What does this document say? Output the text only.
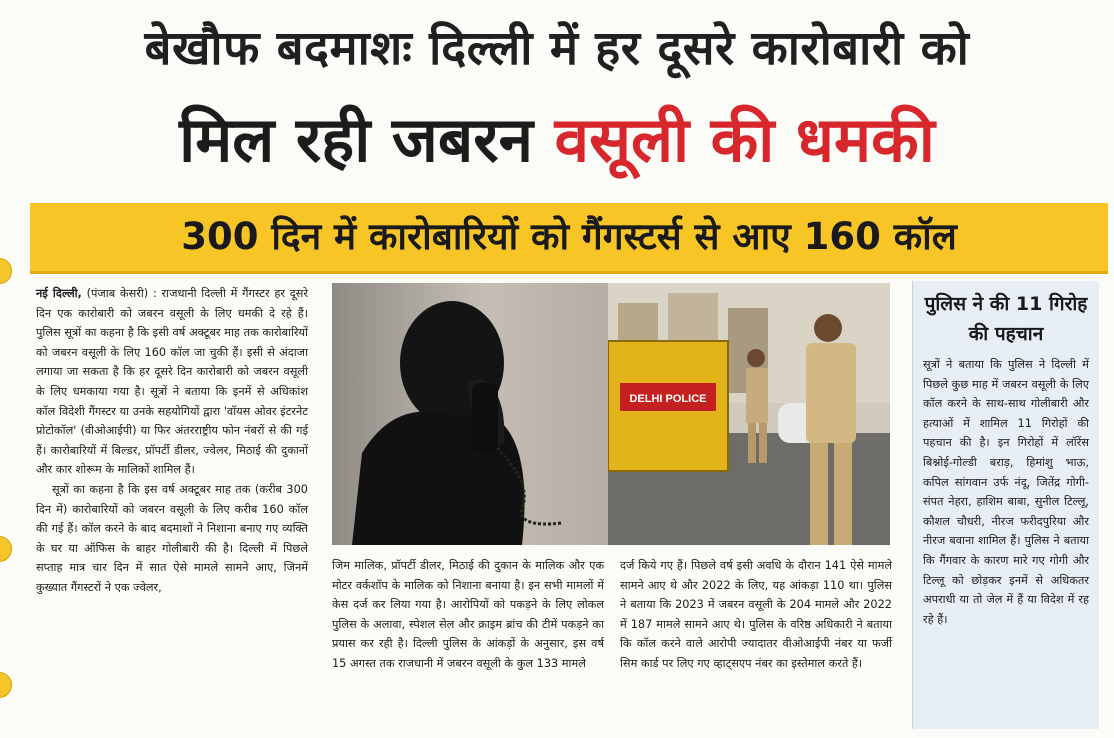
बेखौफ बदमाशः दिल्ली में हर दूसरे कारोबारी को
मिल रही जबरन वसूली की धमकी
300 दिन में कारोबारियों को गैंगस्टर्स से आए 160 कॉल

नई दिल्ली, (पंजाब केसरी) : राजधानी दिल्ली में गैंगस्टर हर दूसरे दिन एक कारोबारी को जबरन वसूली के लिए धमकी दे रहे हैं। पुलिस सूत्रों का कहना है कि इसी वर्ष अक्टूबर माह तक कारोबारियों को जबरन वसूली के लिए 160 कॉल जा चुकी हैं। इसी से अंदाजा लगाया जा सकता है कि हर दूसरे दिन कारोबारी को जबरन वसूली के लिए धमकाया गया है। सूत्रों ने बताया कि इनमें से अधिकांश कॉल विदेशी गैंगस्टर या उनके सहयोगियों द्वारा 'वॉयस ओवर इंटरनेट प्रोटोकॉल' (वीओआईपी) या फिर अंतरराष्ट्रीय फोन नंबरों से की गई हैं। कारोबारियों में बिल्डर, प्रॉपर्टी डीलर, ज्वेलर, मिठाई की दुकानों और कार शोरूम के मालिकों शामिल हैं।

सूत्रों का कहना है कि इस वर्ष अक्टूबर माह तक (करीब 300 दिन में) कारोबारियों को जबरन वसूली के लिए करीब 160 कॉल की गई हैं। कॉल करने के बाद बदमाशों ने निशाना बनाए गए व्यक्ति के घर या ऑफिस के बाहर गोलीबारी की है। दिल्ली में पिछले सप्ताह मात्र चार दिन में सात ऐसे मामले सामने आए, जिनमें कुख्यात गैंगस्टरों ने एक ज्वेलर,

DELHI POLICE

जिम मालिक, प्रॉपर्टी डीलर, मिठाई की दुकान के मालिक और एक मोटर वर्कशॉप के मालिक को निशाना बनाया है। इन सभी मामलों में केस दर्ज कर लिया गया है। आरोपियों को पकड़ने के लिए लोकल पुलिस के अलावा, स्पेशल सेल और क्राइम ब्रांच की टीमें पकड़ने का प्रयास कर रही है। दिल्ली पुलिस के आंकड़ों के अनुसार, इस वर्ष 15 अगस्त तक राजधानी में जबरन वसूली के कुल 133 मामले

दर्ज किये गए हैं। पिछले वर्ष इसी अवधि के दौरान 141 ऐसे मामले सामने आए थे और 2022 के लिए, यह आंकड़ा 110 था। पुलिस ने बताया कि 2023 में जबरन वसूली के 204 मामले और 2022 में 187 मामले सामने आए थे। पुलिस के वरिष्ठ अधिकारी ने बताया कि कॉल करने वाले आरोपी ज्यादातर वीओआईपी नंबर या फर्जी सिम कार्ड पर लिए गए व्हाट्सएप नंबर का इस्तेमाल करते हैं।

पुलिस ने की 11 गिरोह की पहचान

सूत्रों ने बताया कि पुलिस ने दिल्ली में पिछले कुछ माह में जबरन वसूली के लिए कॉल करने के साथ-साथ गोलीबारी और हत्याओं में शामिल 11 गिरोहों की पहचान की है। इन गिरोहों में लॉरेंस बिश्नोई-गोल्डी बराड़, हिमांशु भाऊ, कपिल सांगवान उर्फ नंदू, जितेंद्र गोगी-संपत नेहरा, हाशिम बाबा, सुनील टिल्लू, कौशल चौधरी, नीरज फरीदपुरिया और नीरज बवाना शामिल हैं। पुलिस ने बताया कि गैंगवार के कारण मारे गए गोगी और टिल्लू को छोड़कर इनमें से अधिकतर अपराधी या तो जेल में हैं या विदेश में रह रहे हैं।
